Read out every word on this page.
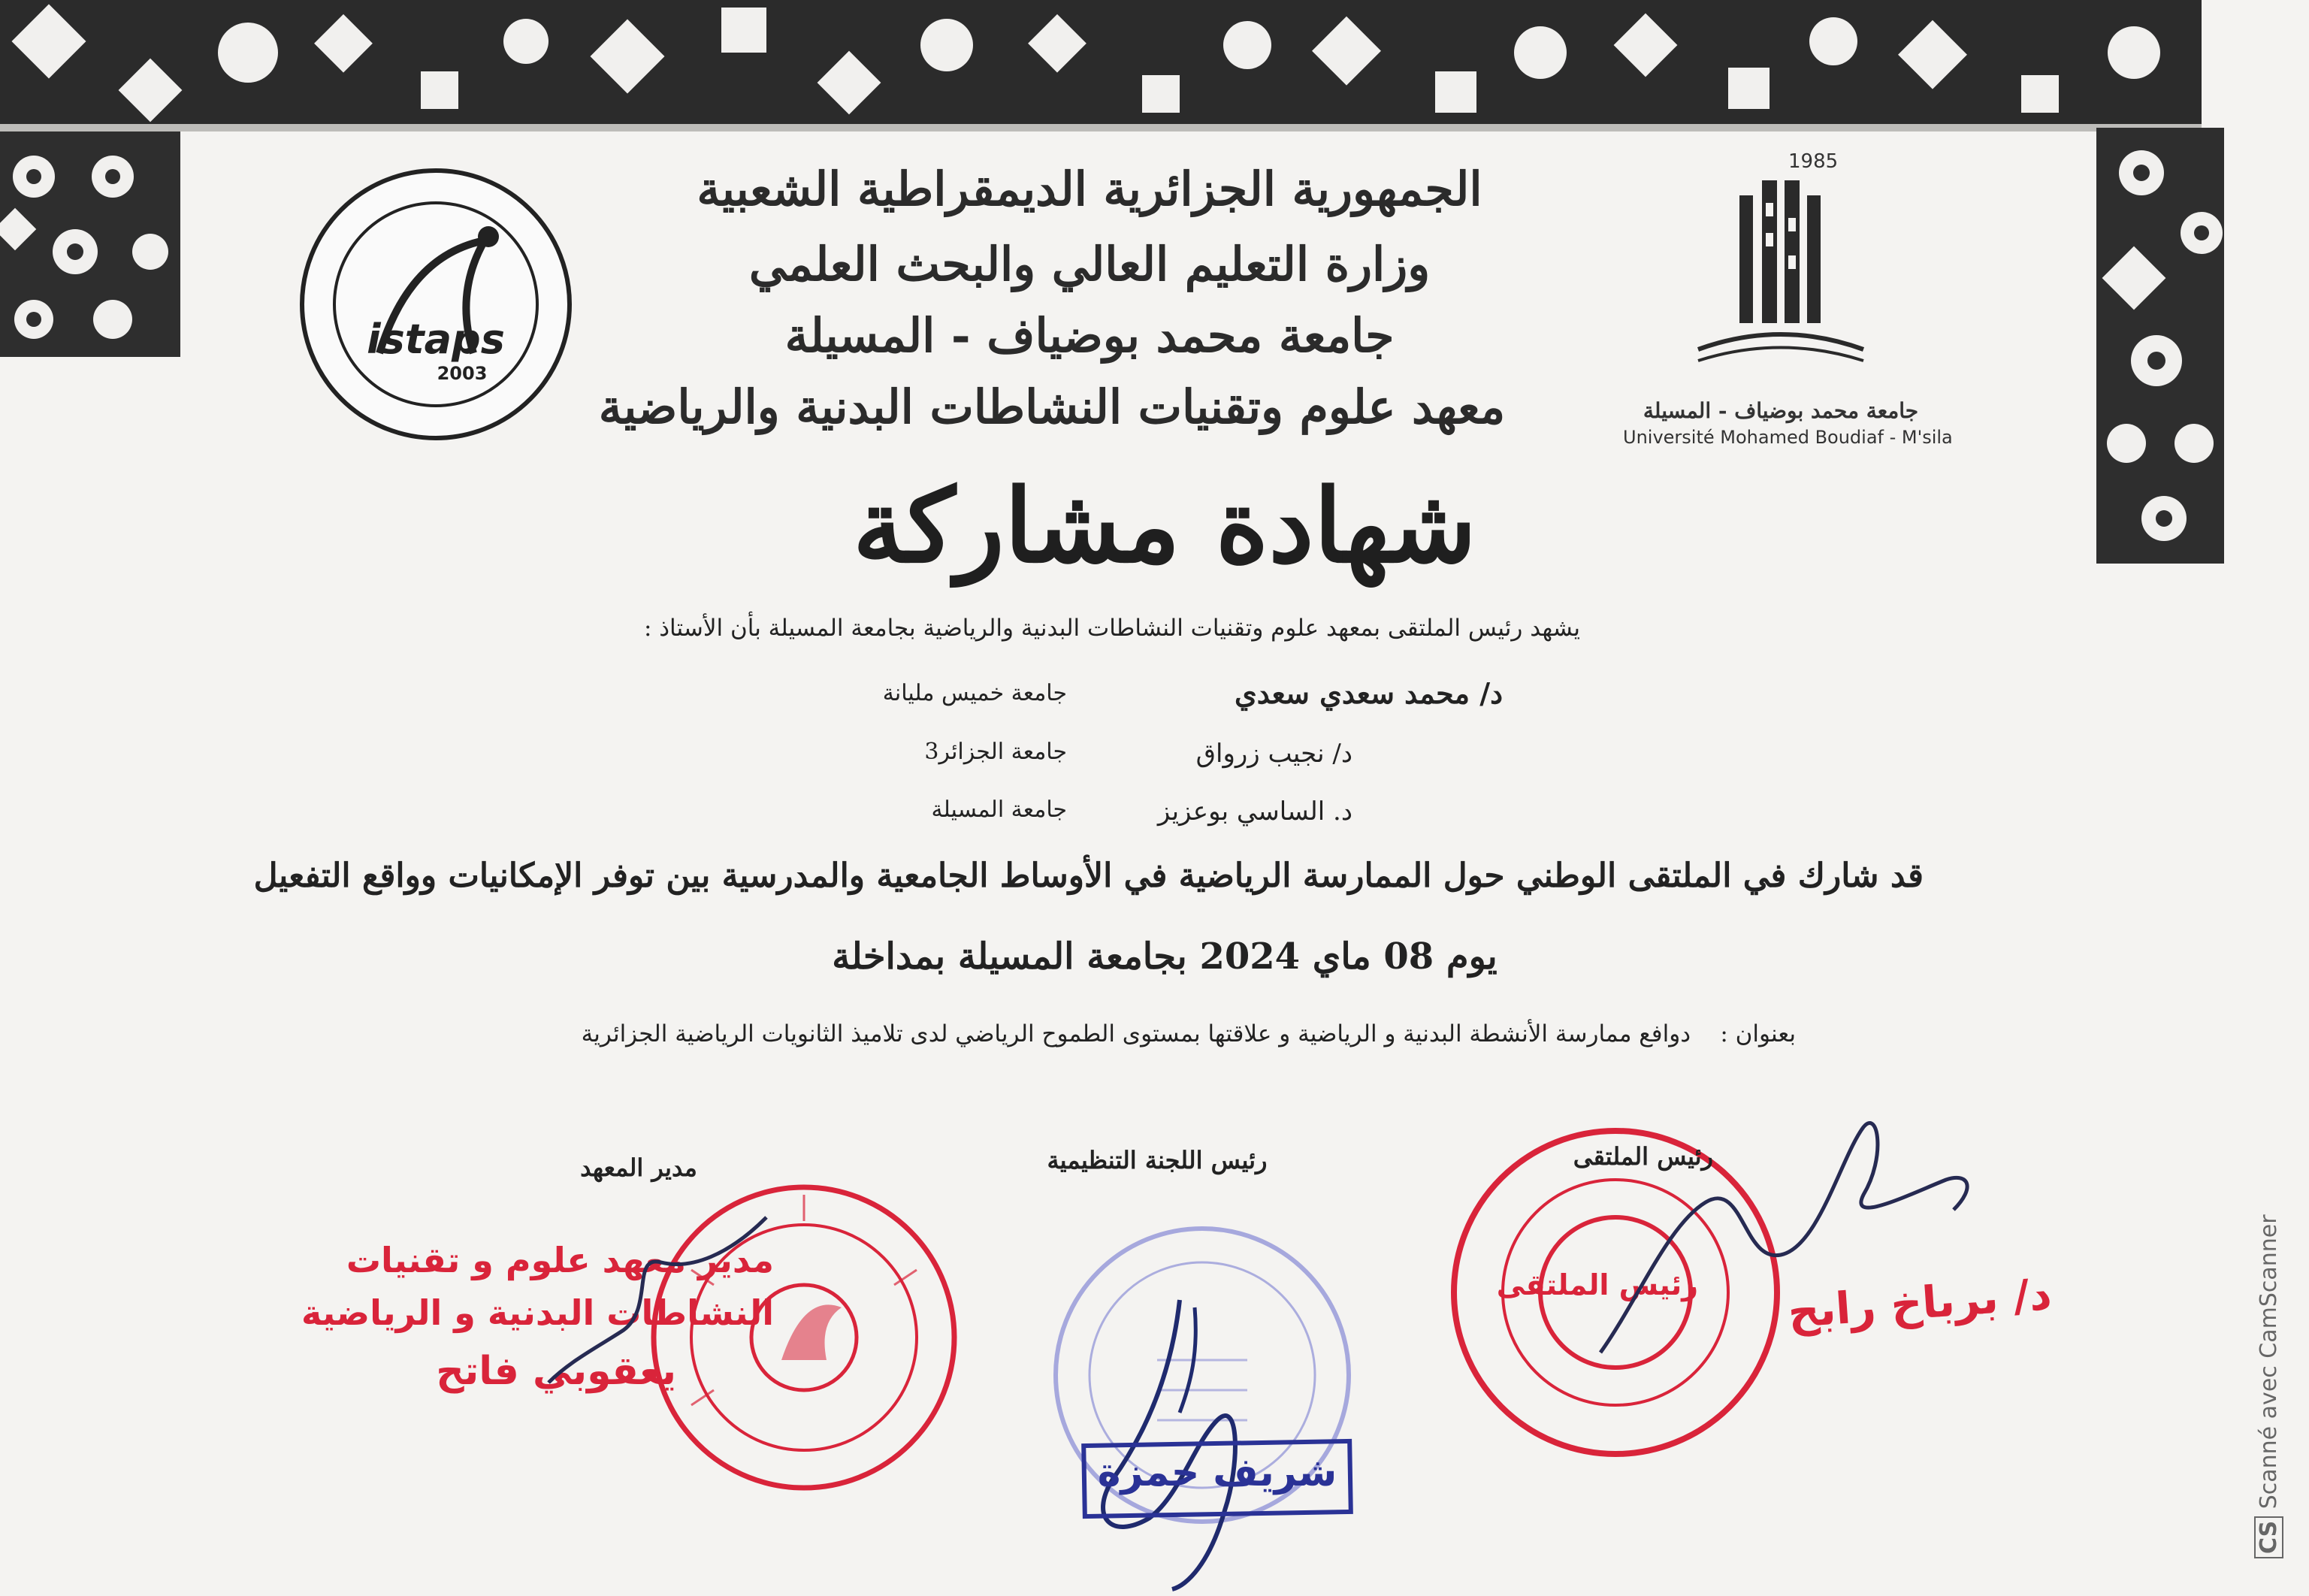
istaps
2003
1985
جامعة محمد بوضياف - المسيلة
Université Mohamed Boudiaf - M'sila
الجمهورية الجزائرية الديمقراطية الشعبية
وزارة التعليم العالي والبحث العلمي
جامعة محمد بوضياف - المسيلة
معهد علوم وتقنيات النشاطات البدنية والرياضية
شهادة مشاركة
يشهد رئيس الملتقى بمعهد علوم وتقنيات النشاطات البدنية والرياضية بجامعة المسيلة بأن الأستاذ :
د/ محمد سعدي سعدي
جامعة خميس مليانة
د/ نجيب زرواق
جامعة الجزائر3
د. الساسي بوعزيز
جامعة المسيلة
قد شارك في الملتقى الوطني حول الممارسة الرياضية في الأوساط الجامعية والمدرسية بين توفر الإمكانيات وواقع التفعيل
يوم 08 ماي 2024 بجامعة المسيلة بمداخلة
بعنوان :
دوافع ممارسة الأنشطة البدنية و الرياضية و علاقتها بمستوى الطموح الرياضي لدى تلاميذ الثانويات الرياضية الجزائرية
مدير المعهد	رئيس اللجنة التنظيمية
مدير معهد علوم و تقنيات
النشاطات البدنية و الرياضية
يعقوبي فاتح
شريف حمزة
رئيس الملتقى
رئيس الملتقى	د/ برباخ رابح
CS Scanné avec CamScanner
